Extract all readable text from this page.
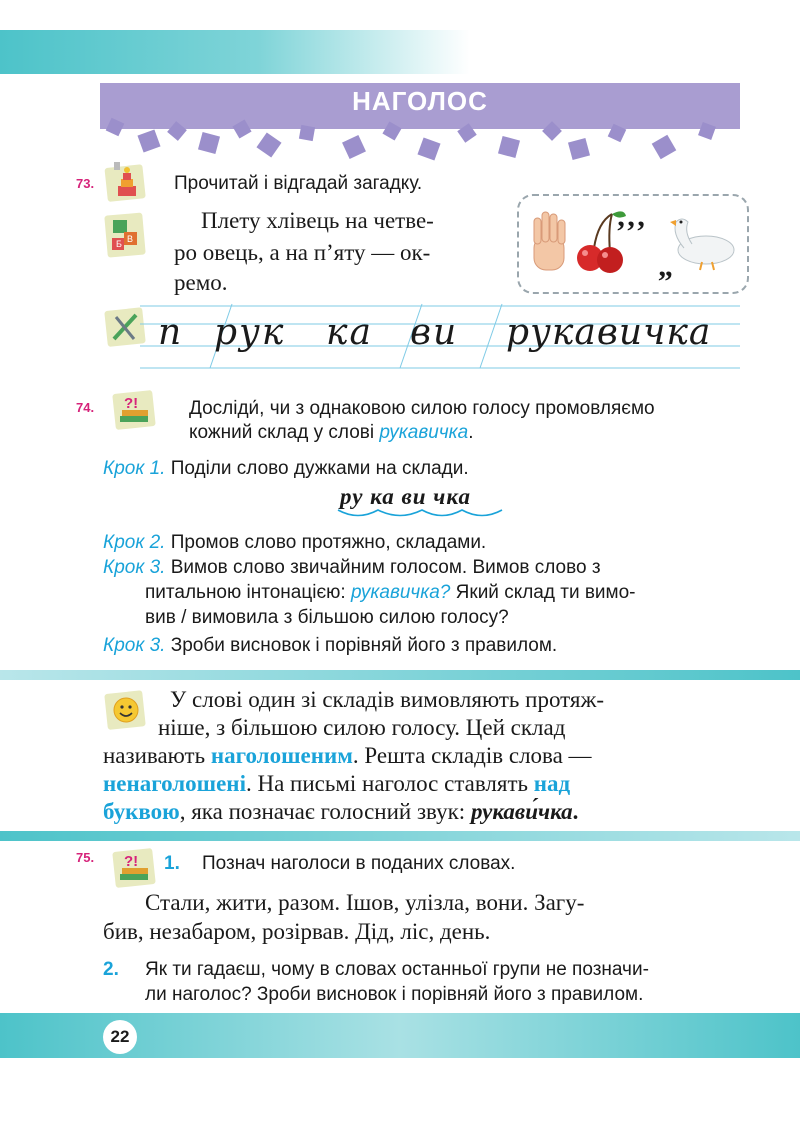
НАГОЛОС
73.	Прочитай і відгадай загадку.
Б В
Плету хлівець на четве-
ро овець, а на п’яту — ок-
ремо.
‚‚‚
„
п рук ка ви рукавичка
74. ?!	Досліди́, чи з однаковою силою голосу промовляємо
кожний склад у слові рукавичка.
Крок 1. Поділи слово дужками на склади.
ру ка ви чка
Крок 2. Промов слово протяжно, складами.
Крок 3. Вимов слово звичайним голосом. Вимов слово з
питальною інтонацією: рукавичка? Який склад ти вимо-
вив / вимовила з більшою силою голосу?
Крок 3. Зроби висновок і порівняй його з правилом.
У слові один зі складів вимовляють протяж-
ніше, з більшою силою голосу. Цей склад
називають наголошеним. Решта складів слова —
ненаголошені. На письмі наголос ставлять над
буквою, яка позначає голосний звук: рукави́чка.
75. ?! 1. Познач наголоси в поданих словах.
Стали, жити, разом. Ішов, улізла, вони. Загу-
бив, незабаром, розірвав. Дід, ліс, день.
2. Як ти гадаєш, чому в словах останньої групи не позначи-
ли наголос? Зроби висновок і порівняй його з правилом.
22
